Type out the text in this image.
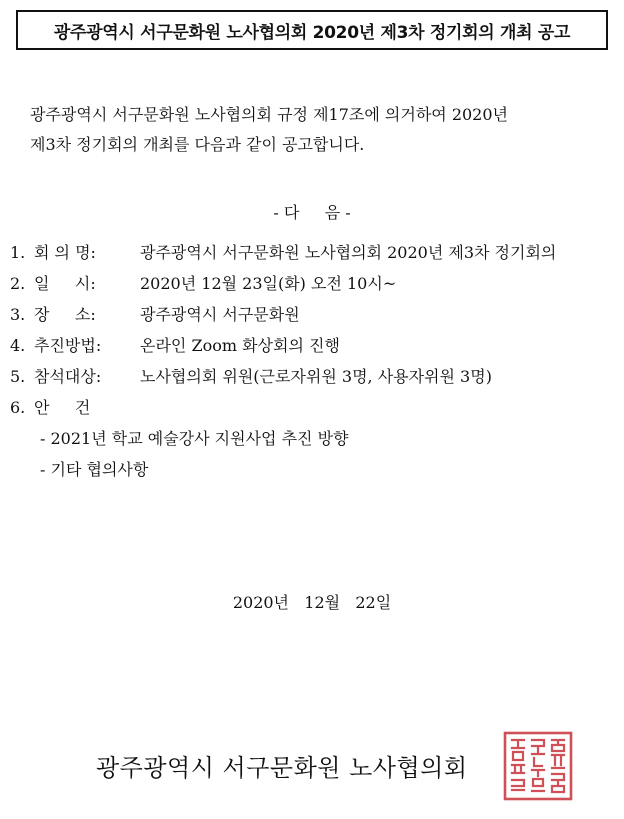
광주광역시 서구문화원 노사협의회 2020년 제3차 정기회의 개최 공고

광주광역시 서구문화원 노사협의회 규정 제17조에 의거하여 2020년

제3차 정기회의 개최를 다음과 같이 공고합니다.

- 다     음 -
1. 회 의 명:	광주광역시 서구문화원 노사협의회 2020년 제3차 정기회의
2. 일     시:	2020년 12월 23일(화) 오전 10시~
3. 장     소:	광주광역시 서구문화원
4. 추진방법: 온라인 Zoom 화상회의 진행
5. 참석대상: 노사협의회 위원(근로자위원 3명, 사용자위원 3명)
6. 안     건
- 2021년 학교 예술강사 지원사업 추진 방향
- 기타 협의사항
2020년   12월   22일
광주광역시 서구문화원 노사협의회
